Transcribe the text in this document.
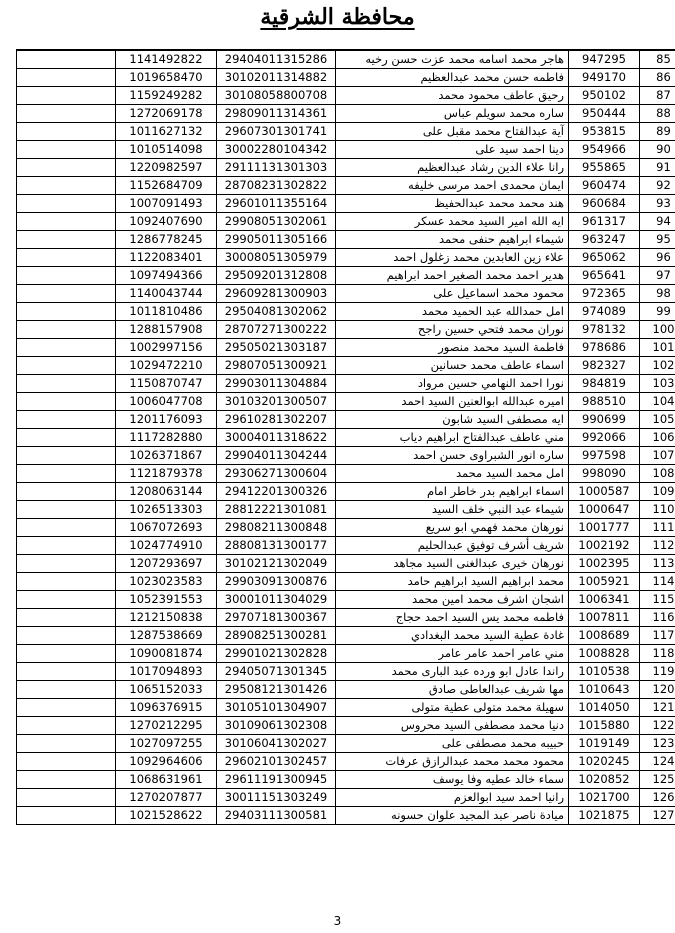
محافظة الشرقية
	1141492822	29404011315286	هاجر محمد اسامه محمد عزت حسن رخيه	947295	85
	1019658470	30102011314882	فاطمه حسن محمد عبدالعظيم	949170	86
	1159249282	30108058800708	رحيق عاطف محمود محمد	950102	87
	1272069178	29809011314361	ساره محمد سويلم عباس	950444	88
	1011627132	29607301301741	آية عبدالفتاح محمد مقبل على	953815	89
	1010514098	30002280104342	دينا احمد سيد على	954966	90
	1220982597	29111131301303	رانا علاء الدين رشاد عبدالعظيم	955865	91
	1152684709	28708231302822	ايمان محمدى احمد مرسى خليفه	960474	92
	1007091493	29601011355164	هند محمد محمد عبدالحفيظ	960684	93
	1092407690	29908051302061	ايه الله امير السيد محمد عسكر	961317	94
	1286778245	29905011305166	شيماء ابراهيم حنفى محمد	963247	95
	1122083401	30008051305979	علاء زين العابدين محمد زغلول احمد	965062	96
	1097494366	29509201312808	هدير احمد محمد الصغير احمد ابراهيم	965641	97
	1140043744	29609281300903	محمود محمد اسماعيل على	972365	98
	1011810486	29504081302062	امل حمدالله عبد الحميد محمد	974089	99
	1288157908	28707271300222	نوران محمد فتحي حسين راجح	978132	100
	1002997156	29505021303187	فاطمة السيد محمد منصور	978686	101
	1029472210	29807051300921	اسماء عاطف محمد حسانين	982327	102
	1150870747	29903011304884	نورا احمد النهامي حسين مرواد	984819	103
	1006047708	30103201300507	اميره عبدالله ابوالعنين السيد احمد	988510	104
	1201176093	29610281302207	ايه مصطفى السيد شابون	990699	105
	1117282880	30004011318622	مني عاطف عبدالفتاح ابراهيم دياب	992066	106
	1026371867	29904011304244	ساره انور الشبراوى حسن احمد	997598	107
	1121879378	29306271300604	امل محمد السيد محمد	998090	108
	1208063144	29412201300326	اسماء ابراهيم بدر خاطر امام	1000587	109
	1026513303	28812221301081	شيماء عبد النبي خلف السيد	1000647	110
	1067072693	29808211300848	نورهان محمد فهمي ابو سريع	1001777	111
	1024774910	28808131300177	شريف أشرف توفيق عبدالحليم	1002192	112
	1207293697	30102121302049	نورهان خيرى عبدالغنى السيد مجاهد	1002395	113
	1023023583	29903091300876	محمد ابراهيم السيد ابراهيم حامد	1005921	114
	1052391553	30001011304029	اشجان اشرف محمد امين محمد	1006341	115
	1212150838	29707181300367	فاطمه محمد يس السيد احمد حجاج	1007811	116
	1287538669	28908251300281	غادة عطية السيد محمد البغدادي	1008689	117
	1090081874	29901021302828	مني عامر احمد عامر عامر	1008828	118
	1017094893	29405071301345	راندا عادل ابو ورده عبد البارى محمد	1010538	119
	1065152033	29508121301426	مها شريف عبدالعاطى صادق	1010643	120
	1096376915	30105101304907	سهيلة محمد متولى عطية متولى	1014050	121
	1270212295	30109061302308	دنيا محمد مصطفى السيد محروس	1015880	122
	1027097255	30106041302027	حبيبه محمد مصطفى على	1019149	123
	1092964606	29602101302457	محمود محمد محمد عبدالرازق عرفات	1020245	124
	1068631961	29611191300945	سماء خالد عطيه وفا يوسف	1020852	125
	1270207877	30011151303249	رانيا احمد سيد ابوالعزم	1021700	126
	1021528622	29403111300581	ميادة ناصر عبد المجيد علوان حسونه	1021875	127
3
